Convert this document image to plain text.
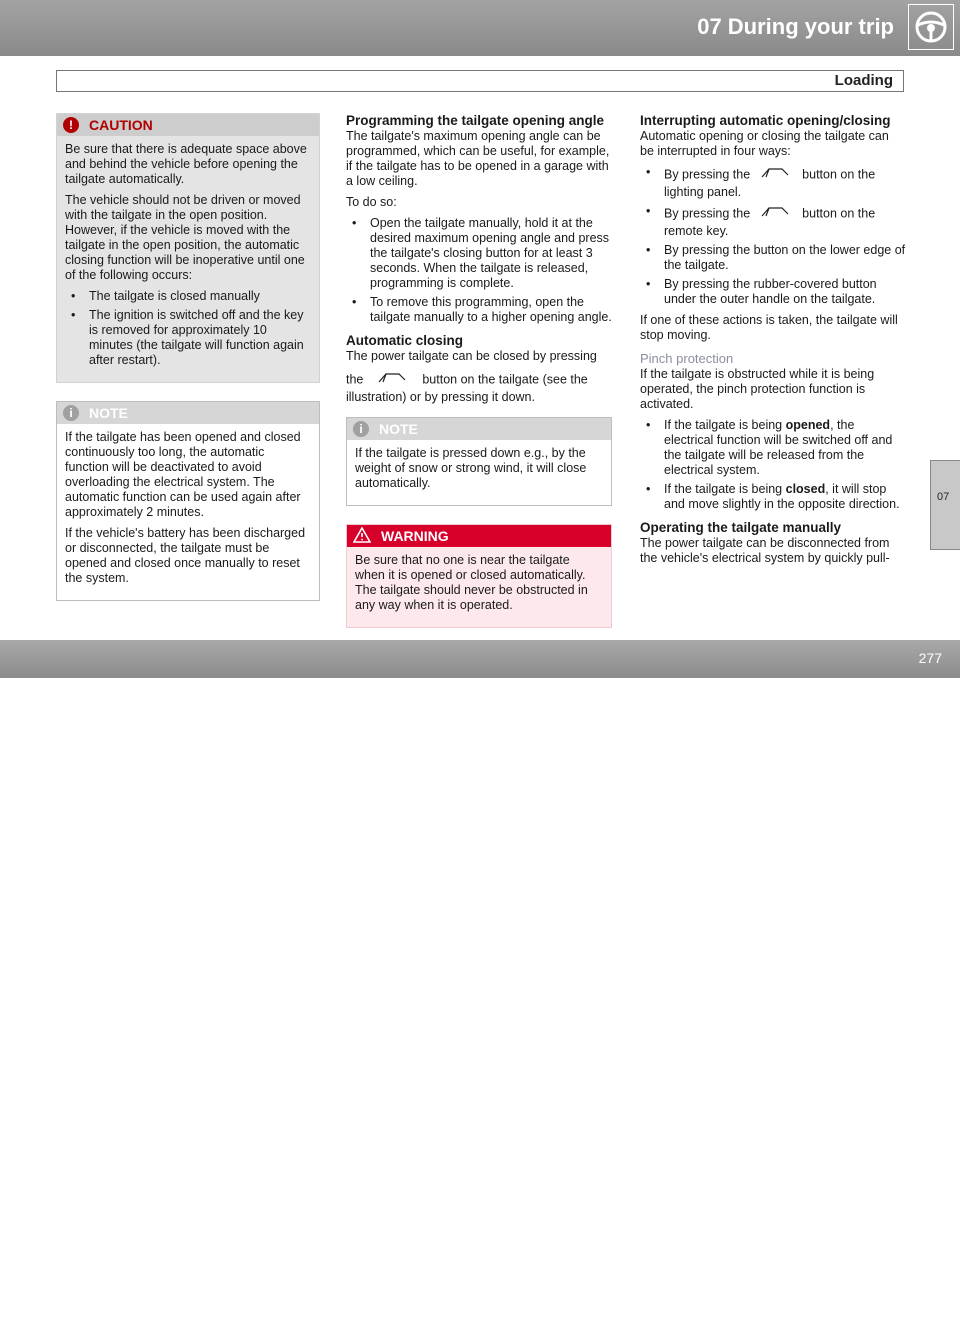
07 During your trip
Loading
!	CAUTION

Be sure that there is adequate space above and behind the vehicle before opening the tailgate automatically.

The vehicle should not be driven or moved with the tailgate in the open position. However, if the vehicle is moved with the tailgate in the open position, the automatic closing function will be inoperative until one of the following occurs:

• The tailgate is closed manually
• The ignition is switched off and the key is removed for approximately 10 minutes (the tailgate will function again after restart).
i	NOTE

If the tailgate has been opened and closed continuously too long, the automatic function will be deactivated to avoid overloading the electrical system. The automatic function can be used again after approximately 2 minutes.

If the vehicle's battery has been discharged or disconnected, the tailgate must be opened and closed once manually to reset the system.

Programming the tailgate opening angle

The tailgate's maximum opening angle can be programmed, which can be useful, for example, if the tailgate has to be opened in a garage with a low ceiling.

To do so:

• Open the tailgate manually, hold it at the desired maximum opening angle and press the tailgate's closing button for at least 3 seconds. When the tailgate is released, programming is complete.
• To remove this programming, open the tailgate manually to a higher opening angle.
Automatic closing

The power tailgate can be closed by pressing

the	button on the tailgate (see the illustration) or by pressing it down.

i	NOTE

If the tailgate is pressed down e.g., by the weight of snow or strong wind, it will close automatically.

WARNING

Be sure that no one is near the tailgate when it is opened or closed automatically. The tailgate should never be obstructed in any way when it is operated.

Interrupting automatic opening/closing

Automatic opening or closing the tailgate can be interrupted in four ways:

• By pressing the	button on the lighting panel.
• By pressing the	button on the remote key.
• By pressing the button on the lower edge of the tailgate.
• By pressing the rubber-covered button under the outer handle on the tailgate.

If one of these actions is taken, the tailgate will stop moving.

Pinch protection

If the tailgate is obstructed while it is being operated, the pinch protection function is activated.

• If the tailgate is being opened, the electrical function will be switched off and the tailgate will be released from the electrical system.
• If the tailgate is being closed, it will stop and move slightly in the opposite direction.
Operating the tailgate manually

The power tailgate can be disconnected from the vehicle's electrical system by quickly pull-

07
carmanualsonline.info
277
